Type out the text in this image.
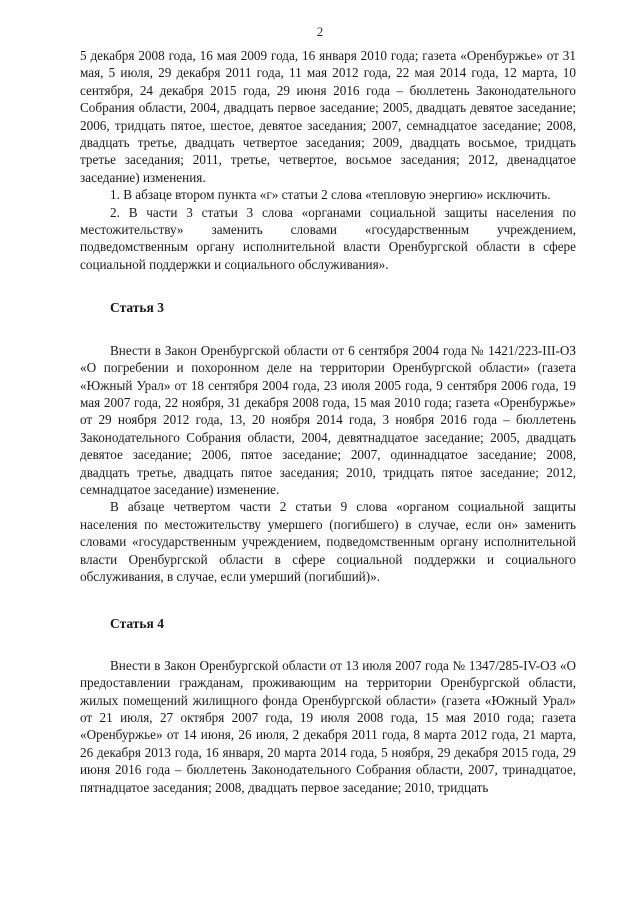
2

5 декабря 2008 года, 16 мая 2009 года, 16 января 2010 года; газета «Оренбуржье» от 31 мая, 5 июля, 29 декабря 2011 года, 11 мая 2012 года, 22 мая 2014 года, 12 марта, 10 сентября, 24 декабря 2015 года, 29 июня 2016 года – бюллетень Законодательного Собрания области, 2004, двадцать первое заседание; 2005, двадцать девятое заседание; 2006, тридцать пятое, шестое, девятое заседания; 2007, семнадцатое заседание; 2008, двадцать третье, двадцать четвертое заседания; 2009, двадцать восьмое, тридцать третье заседания; 2011, третье, четвертое, восьмое заседания; 2012, двенадцатое заседание) изменения.

1. В абзаце втором пункта «г» статьи 2 слова «тепловую энергию» исключить.

2. В части 3 статьи 3 слова «органами социальной защиты населения по местожительству» заменить словами «государственным учреждением, подведомственным органу исполнительной власти Оренбургской области в сфере социальной поддержки и социального обслуживания».

Статья 3

Внести в Закон Оренбургской области от 6 сентября 2004 года № 1421/223-III-ОЗ «О погребении и похоронном деле на территории Оренбургской области» (газета «Южный Урал» от 18 сентября 2004 года, 23 июля 2005 года, 9 сентября 2006 года, 19 мая 2007 года, 22 ноября, 31 декабря 2008 года, 15 мая 2010 года; газета «Оренбуржье» от 29 ноября 2012 года, 13, 20 ноября 2014 года, 3 ноября 2016 года – бюллетень Законодательного Собрания области, 2004, девятнадцатое заседание; 2005, двадцать девятое заседание; 2006, пятое заседание; 2007, одиннадцатое заседание; 2008, двадцать третье, двадцать пятое заседания; 2010, тридцать пятое заседание; 2012, семнадцатое заседание) изменение.

В абзаце четвертом части 2 статьи 9 слова «органом социальной защиты населения по местожительству умершего (погибшего) в случае, если он» заменить словами «государственным учреждением, подведомственным органу исполнительной власти Оренбургской области в сфере социальной поддержки и социального обслуживания, в случае, если умерший (погибший)».

Статья 4

Внести в Закон Оренбургской области от 13 июля 2007 года № 1347/285-IV-ОЗ «О предоставлении гражданам, проживающим на территории Оренбургской области, жилых помещений жилищного фонда Оренбургской области» (газета «Южный Урал» от 21 июля, 27 октября 2007 года, 19 июля 2008 года, 15 мая 2010 года; газета «Оренбуржье» от 14 июня, 26 июля, 2 декабря 2011 года, 8 марта 2012 года, 21 марта, 26 декабря 2013 года, 16 января, 20 марта 2014 года, 5 ноября, 29 декабря 2015 года, 29 июня 2016 года – бюллетень Законодательного Собрания области, 2007, тринадцатое, пятнадцатое заседания; 2008, двадцать первое заседание; 2010, тридцать
